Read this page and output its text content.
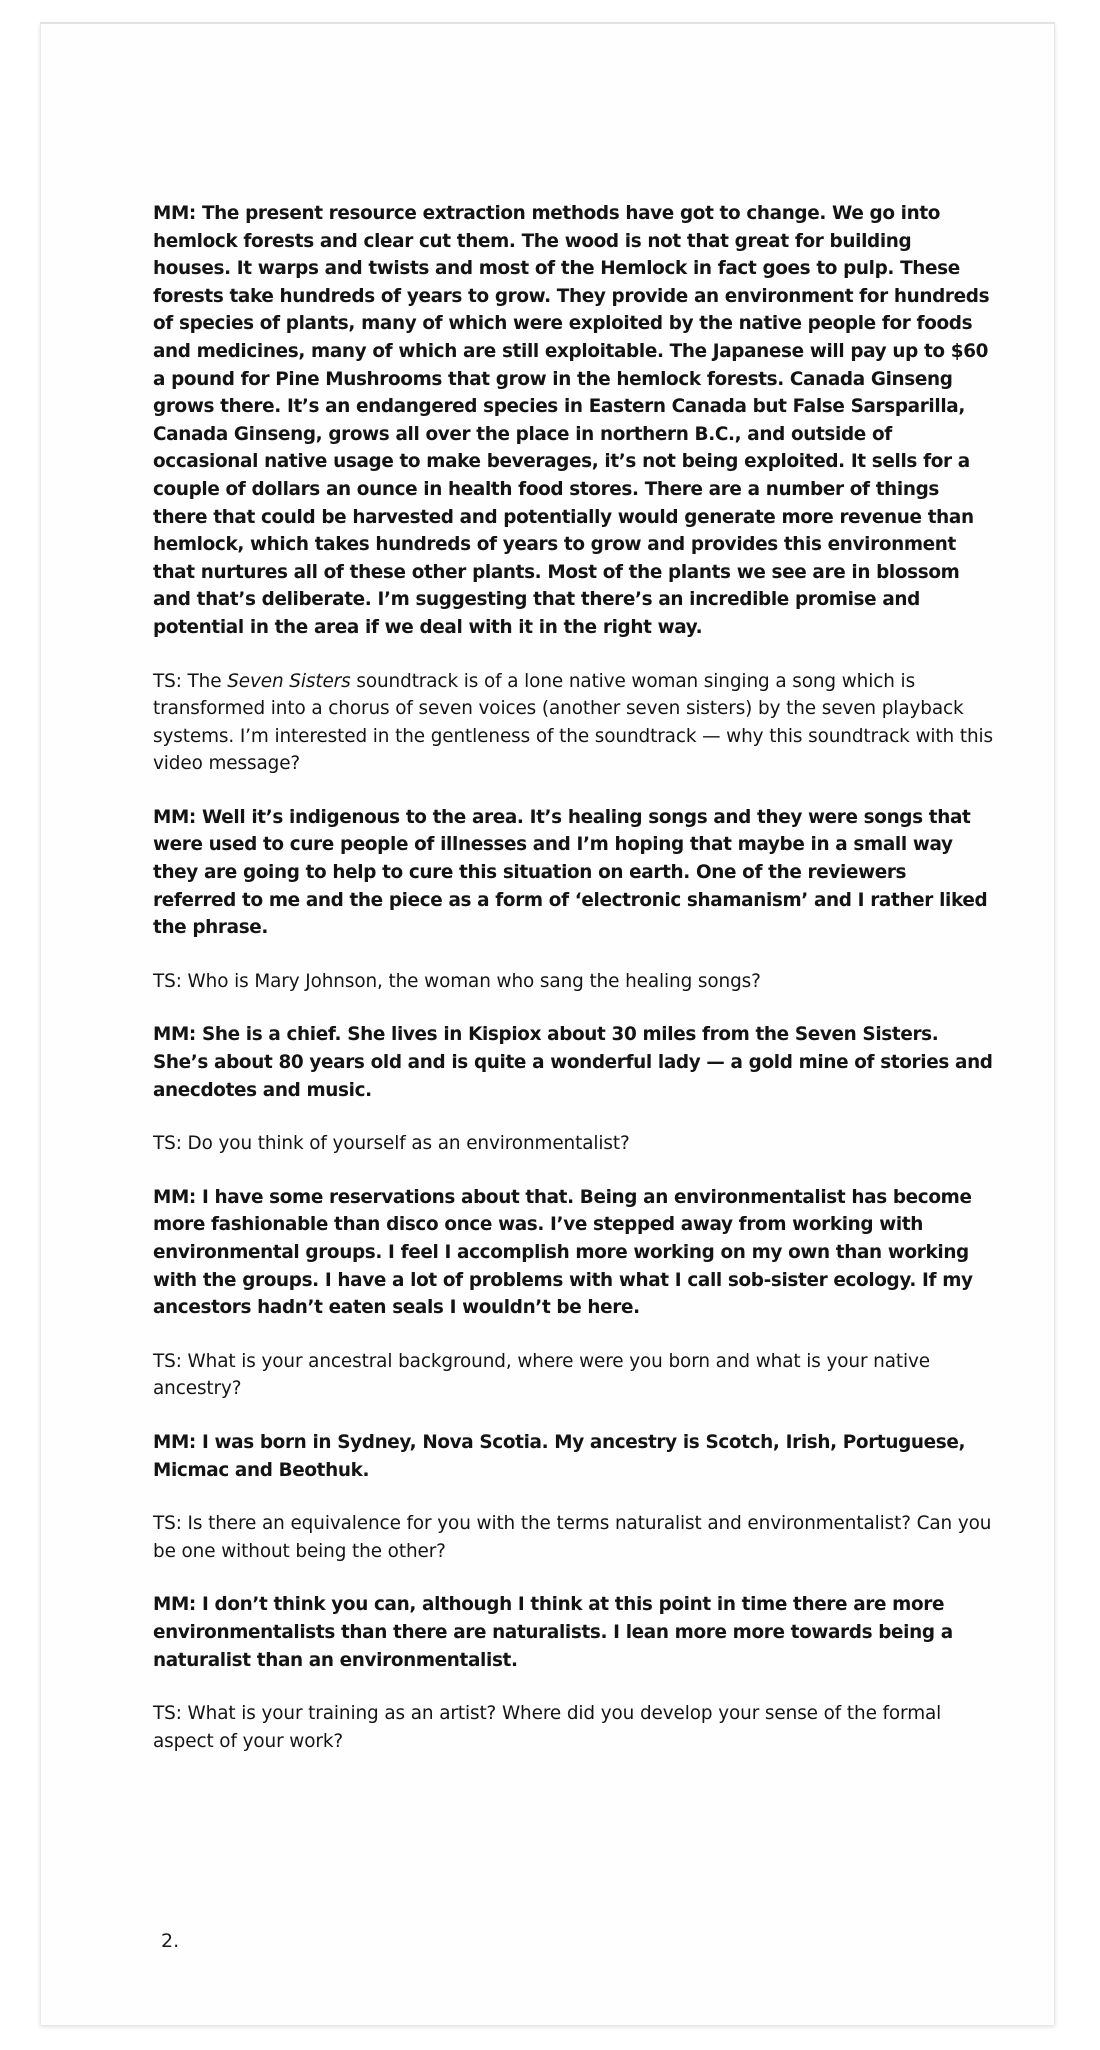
MM: The present resource extraction methods have got to change. We go into hemlock forests and clear cut them. The wood is not that great for building houses. It warps and twists and most of the Hemlock in fact goes to pulp. These forests take hundreds of years to grow. They provide an environment for hundreds of species of plants, many of which were exploited by the native people for foods and medicines, many of which are still exploitable. The Japanese will pay up to $60 a pound for Pine Mushrooms that grow in the hemlock forests. Canada Ginseng grows there. It’s an endangered species in Eastern Canada but False Sarsparilla, Canada Ginseng, grows all over the place in northern B.C., and outside of occasional native usage to make beverages, it’s not being exploited. It sells for a couple of dollars an ounce in health food stores. There are a number of things there that could be harvested and potentially would generate more revenue than hemlock, which takes hundreds of years to grow and provides this environment that nurtures all of these other plants. Most of the plants we see are in blossom and that’s deliberate. I’m suggesting that there’s an incredible promise and potential in the area if we deal with it in the right way.

TS: The Seven Sisters soundtrack is of a lone native woman singing a song which is transformed into a chorus of seven voices (another seven sisters) by the seven playback systems. I’m interested in the gentleness of the soundtrack — why this soundtrack with this video message?

MM: Well it’s indigenous to the area. It’s healing songs and they were songs that were used to cure people of illnesses and I’m hoping that maybe in a small way they are going to help to cure this situation on earth. One of the reviewers referred to me and the piece as a form of ‘electronic shamanism’ and I rather liked the phrase.

TS: Who is Mary Johnson, the woman who sang the healing songs?

MM: She is a chief. She lives in Kispiox about 30 miles from the Seven Sisters. She’s about 80 years old and is quite a wonderful lady — a gold mine of stories and anecdotes and music.

TS: Do you think of yourself as an environmentalist?

MM: I have some reservations about that. Being an environmentalist has become more fashionable than disco once was. I’ve stepped away from working with environmental groups. I feel I accomplish more working on my own than working with the groups. I have a lot of problems with what I call sob-sister ecology. If my ancestors hadn’t eaten seals I wouldn’t be here.

TS: What is your ancestral background, where were you born and what is your native ancestry?

MM: I was born in Sydney, Nova Scotia. My ancestry is Scotch, Irish, Portuguese, Micmac and Beothuk.

TS: Is there an equivalence for you with the terms naturalist and environmentalist? Can you be one without being the other?

MM: I don’t think you can, although I think at this point in time there are more environmentalists than there are naturalists. I lean more more towards being a naturalist than an environmentalist.

TS: What is your training as an artist? Where did you develop your sense of the formal aspect of your work?

2.
